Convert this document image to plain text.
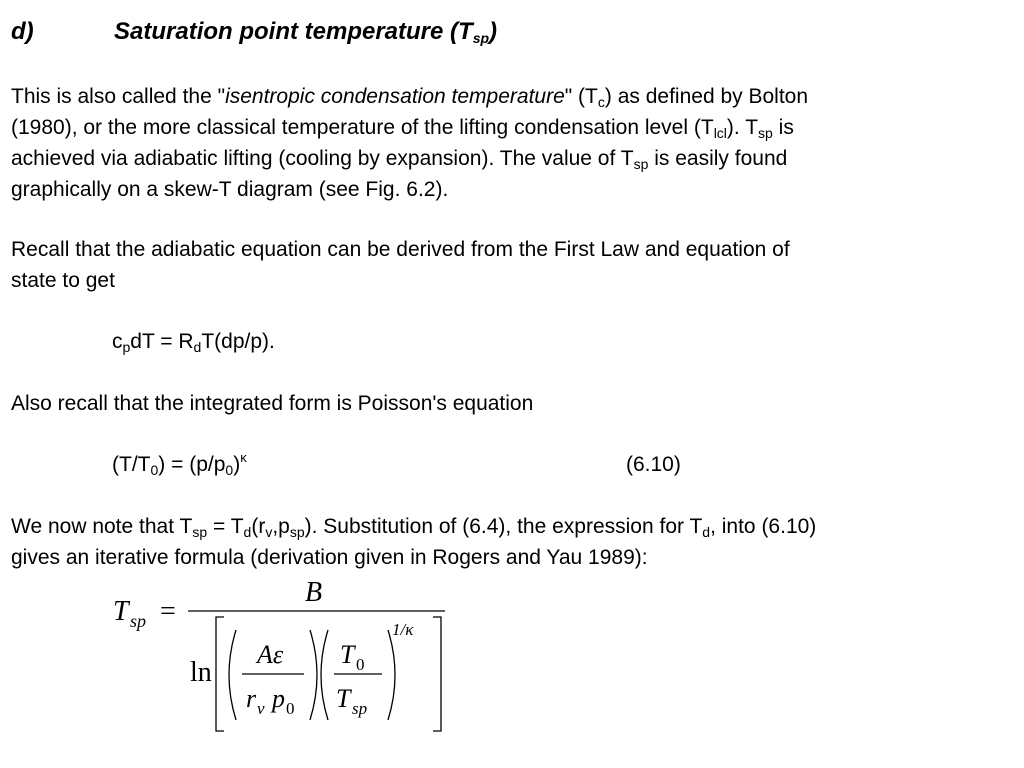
d)	Saturation point temperature $(T_{sp})$
This is also called the "isentropic condensation temperature" $(T_c)$ as defined by Bolton
(1980), or the more classical temperature of the lifting condensation level $(T_{lcl})$. $T_{sp}$ is
achieved via adiabatic lifting (cooling by expansion). The value of $T_{sp}$ is easily found
graphically on a skew-T diagram (see Fig. 6.2).
Recall that the adiabatic equation can be derived from the First Law and equation of
state to get
$c_pdT = R_dT(dp/p)$.
Also recall that the integrated form is Poisson's equation
$(T/T_0) = (p/p_0)^\kappa$	(6.10)
We now note that $T_{sp} = T_d(r_v,p_{sp})$. Substitution of (6.4), the expression for $T_d$, into (6.10)
gives an iterative formula (derivation given in Rogers and Yau 1989):
T sp =
B
ln
Aε
r v p 0
T 0
T sp
1/κ
